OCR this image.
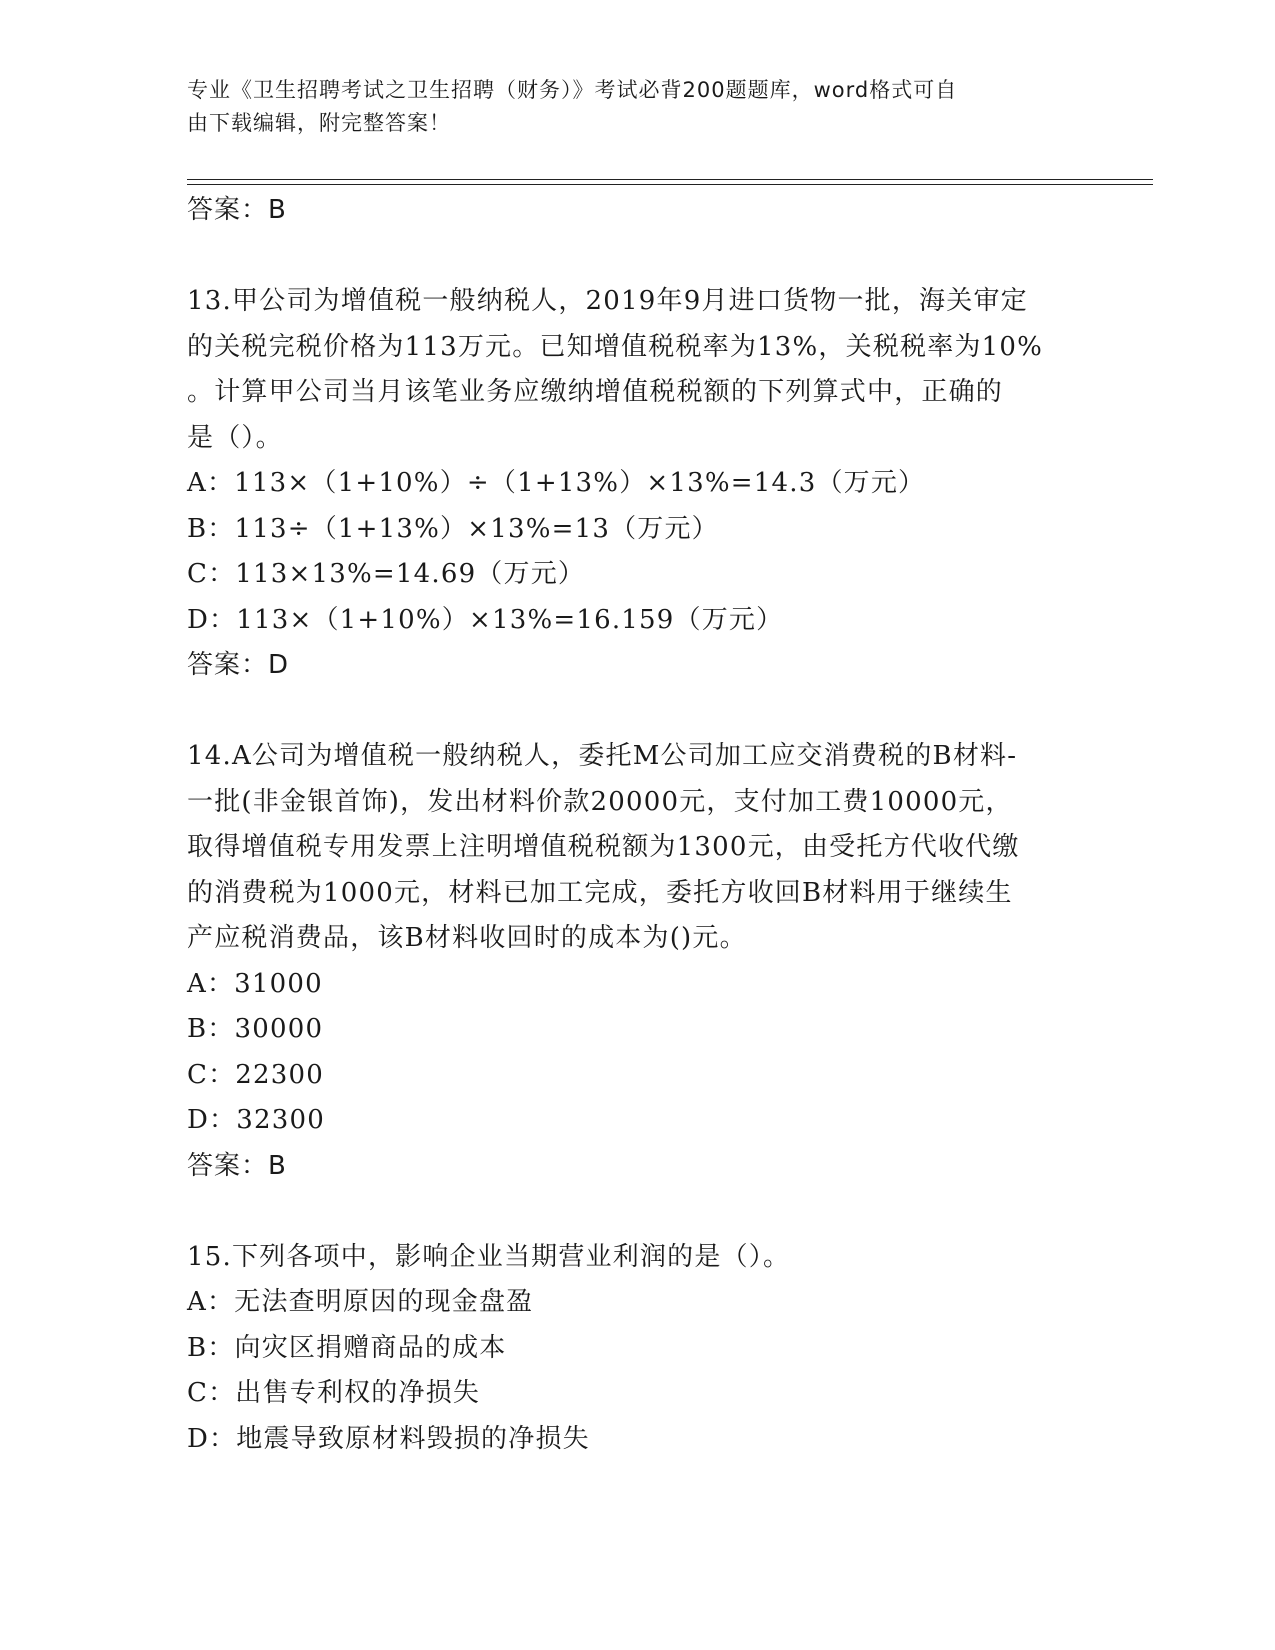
专业《卫生招聘考试之卫生招聘（财务）》考试必背200题题库，word格式可自
由下载编辑，附完整答案！
答案：B
13.甲公司为增值税一般纳税人，2019年9月进口货物一批，海关审定
的关税完税价格为113万元。已知增值税税率为13%，关税税率为10%
。计算甲公司当月该笔业务应缴纳增值税税额的下列算式中，正确的
是（）。
A：113×（1+10%）÷（1+13%）×13%=14.3（万元）
B：113÷（1+13%）×13%=13（万元）
C：113×13%=14.69（万元）
D：113×（1+10%）×13%=16.159（万元）
答案：D
14.A公司为增值税一般纳税人，委托M公司加工应交消费税的B材料-
一批(非金银首饰)，发出材料价款20000元，支付加工费10000元，
取得增值税专用发票上注明增值税税额为1300元，由受托方代收代缴
的消费税为1000元，材料已加工完成，委托方收回B材料用于继续生
产应税消费品，该B材料收回时的成本为()元。
A：31000
B：30000
C：22300
D：32300
答案：B
15.下列各项中，影响企业当期营业利润的是（）。
A：无法查明原因的现金盘盈
B：向灾区捐赠商品的成本
C：出售专利权的净损失
D：地震导致原材料毁损的净损失
